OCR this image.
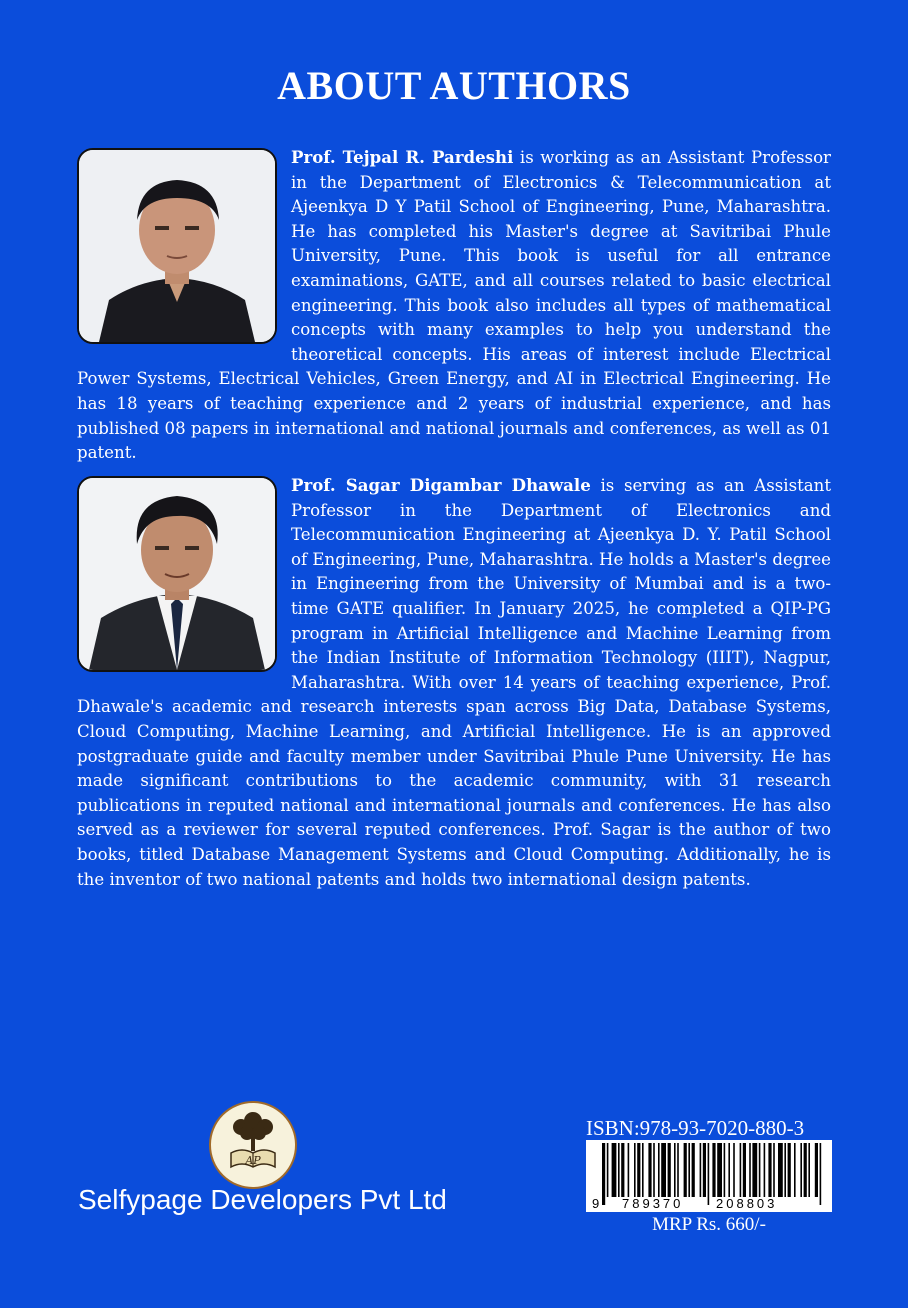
ABOUT AUTHORS
Prof. Tejpal R. Pardeshi is working as an Assistant Professor in the Department of Electronics & Telecommunication at Ajeenkya D Y Patil School of Engineering, Pune, Maharashtra. He has completed his Master's degree at Savitribai Phule University, Pune. This book is useful for all entrance examinations, GATE, and all courses related to basic electrical engineering. This book also includes all types of mathematical concepts with many examples to help you understand the theoretical concepts. His areas of interest include Electrical Power Systems, Electrical Vehicles, Green Energy, and AI in Electrical Engineering. He has 18 years of teaching experience and 2 years of industrial experience, and has published 08 papers in international and national journals and conferences, as well as 01 patent.
Prof. Sagar Digambar Dhawale is serving as an Assistant Professor in the Department of Electronics and Telecommunication Engineering at Ajeenkya D. Y. Patil School of Engineering, Pune, Maharashtra. He holds a Master's degree in Engineering from the University of Mumbai and is a two-time GATE qualifier. In January 2025, he completed a QIP-PG program in Artificial Intelligence and Machine Learning from the Indian Institute of Information Technology (IIIT), Nagpur, Maharashtra. With over 14 years of teaching experience, Prof. Dhawale's academic and research interests span across Big Data, Database Systems, Cloud Computing, Machine Learning, and Artificial Intelligence. He is an approved postgraduate guide and faculty member under Savitribai Phule Pune University. He has made significant contributions to the academic community, with 31 research publications in reputed national and international journals and conferences. He has also served as a reviewer for several reputed conferences. Prof. Sagar is the author of two books, titled Database Management Systems and Cloud Computing. Additionally, he is the inventor of two national patents and holds two international design patents.
AP
Selfypage Developers Pvt Ltd
ISBN:978-93-7020-880-3
9 789370	208803
MRP Rs. 660/-
